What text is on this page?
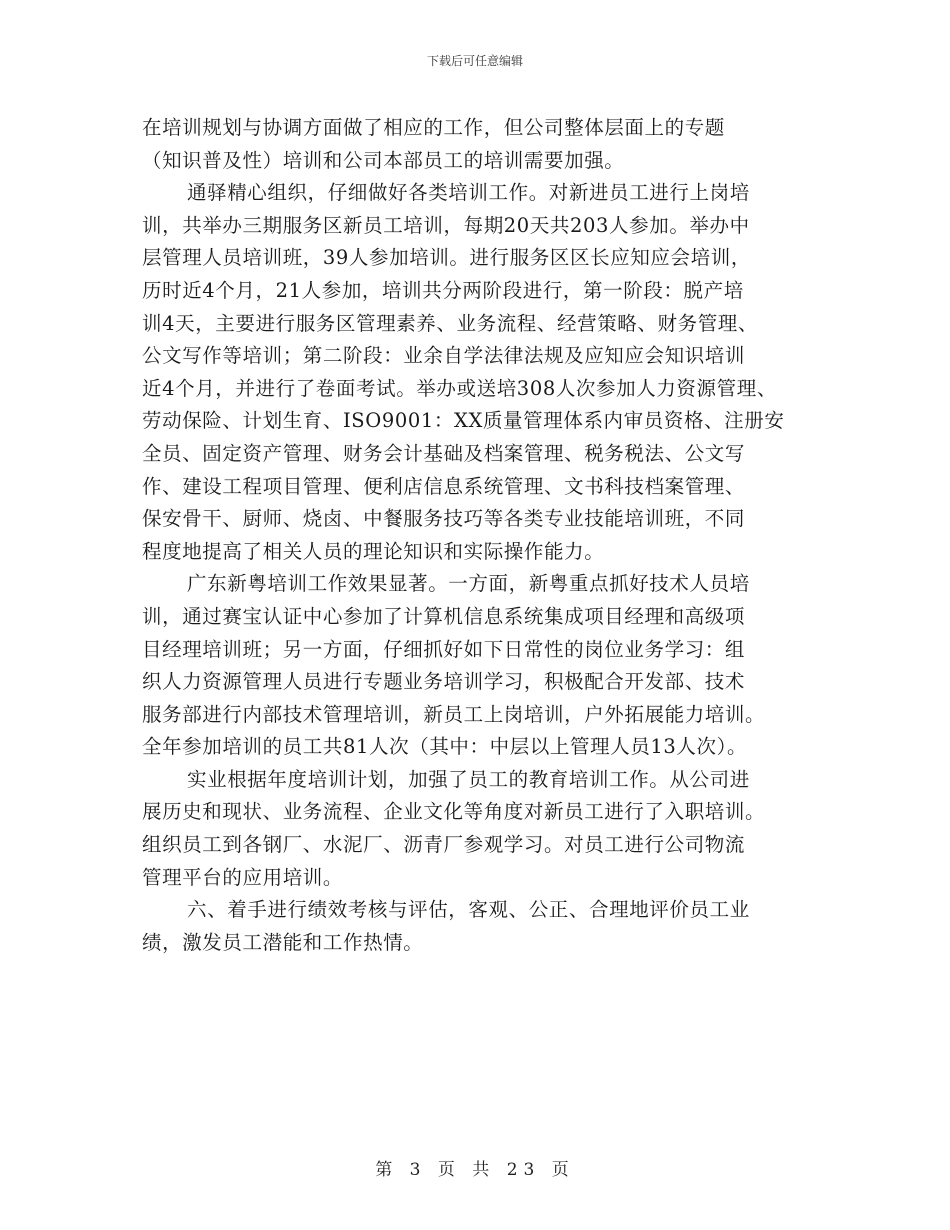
下载后可任意编辑
在培训规划与协调方面做了相应的工作，但公司整体层面上的专题
（知识普及性）培训和公司本部员工的培训需要加强。
通驿精心组织，仔细做好各类培训工作。对新进员工进行上岗培
训，共举办三期服务区新员工培训，每期20天共203人参加。举办中
层管理人员培训班，39人参加培训。进行服务区区长应知应会培训，
历时近4个月，21人参加，培训共分两阶段进行，第一阶段：脱产培
训4天，主要进行服务区管理素养、业务流程、经营策略、财务管理、
公文写作等培训；第二阶段：业余自学法律法规及应知应会知识培训
近4个月，并进行了卷面考试。举办或送培308人次参加人力资源管理、
劳动保险、计划生育、ISO9001：XX质量管理体系内审员资格、注册安
全员、固定资产管理、财务会计基础及档案管理、税务税法、公文写
作、建设工程项目管理、便利店信息系统管理、文书科技档案管理、
保安骨干、厨师、烧卤、中餐服务技巧等各类专业技能培训班，不同
程度地提高了相关人员的理论知识和实际操作能力。
广东新粤培训工作效果显著。一方面，新粤重点抓好技术人员培
训，通过赛宝认证中心参加了计算机信息系统集成项目经理和高级项
目经理培训班；另一方面，仔细抓好如下日常性的岗位业务学习：组
织人力资源管理人员进行专题业务培训学习，积极配合开发部、技术
服务部进行内部技术管理培训，新员工上岗培训，户外拓展能力培训。
全年参加培训的员工共81人次（其中：中层以上管理人员13人次）。
实业根据年度培训计划，加强了员工的教育培训工作。从公司进
展历史和现状、业务流程、企业文化等角度对新员工进行了入职培训。
组织员工到各钢厂、水泥厂、沥青厂参观学习。对员工进行公司物流
管理平台的应用培训。
六、着手进行绩效考核与评估，客观、公正、合理地评价员工业
绩，激发员工潜能和工作热情。
第 3 页 共 23 页
